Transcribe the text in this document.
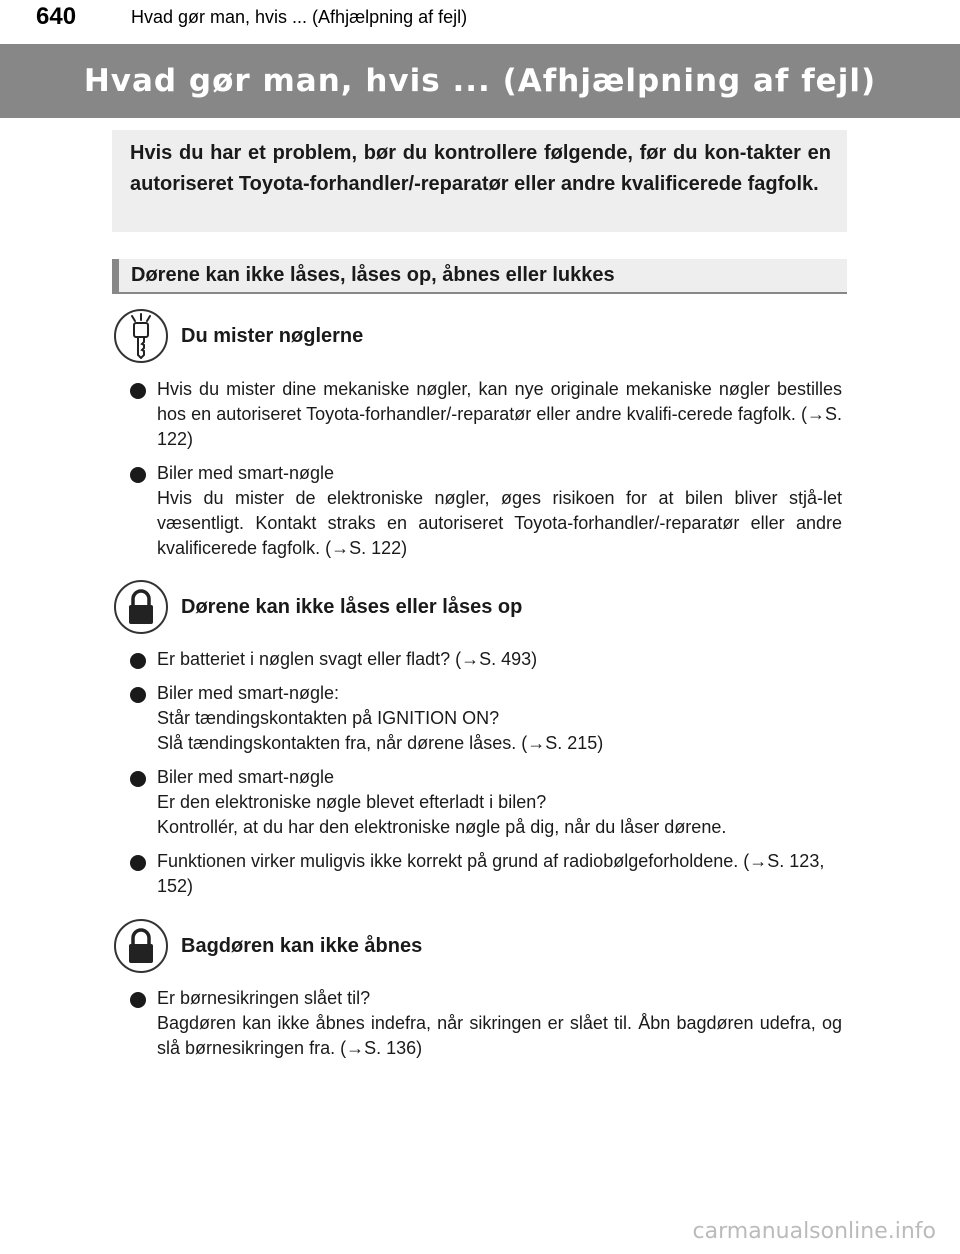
640	Hvad gør man, hvis ... (Afhjælpning af fejl)
Hvad gør man, hvis ... (Afhjælpning af fejl)

Hvis du har et problem, bør du kontrollere følgende, før du kon-takter en autoriseret Toyota-forhandler/-reparatør eller andre kvalificerede fagfolk.

Dørene kan ikke låses, låses op, åbnes eller lukkes
Du mister nøglerne
Hvis du mister dine mekaniske nøgler, kan nye originale mekaniske nøgler bestilles hos en autoriseret Toyota-forhandler/-reparatør eller andre kvalifi-cerede fagfolk. (→S. 122)
Biler med smart-nøgle
Hvis du mister de elektroniske nøgler, øges risikoen for at bilen bliver stjå-let væsentligt. Kontakt straks en autoriseret Toyota-forhandler/-reparatør eller andre kvalificerede fagfolk. (→S. 122)
Dørene kan ikke låses eller låses op
Er batteriet i nøglen svagt eller fladt? (→S. 493)
Biler med smart-nøgle:
Står tændingskontakten på IGNITION ON?
Slå tændingskontakten fra, når dørene låses. (→S. 215)
Biler med smart-nøgle
Er den elektroniske nøgle blevet efterladt i bilen?
Kontrollér, at du har den elektroniske nøgle på dig, når du låser dørene.
Funktionen virker muligvis ikke korrekt på grund af radiobølgeforholdene. (→S. 123, 152)
Bagdøren kan ikke åbnes
Er børnesikringen slået til?
Bagdøren kan ikke åbnes indefra, når sikringen er slået til. Åbn bagdøren udefra, og slå børnesikringen fra. (→S. 136)
carmanualsonline.info
